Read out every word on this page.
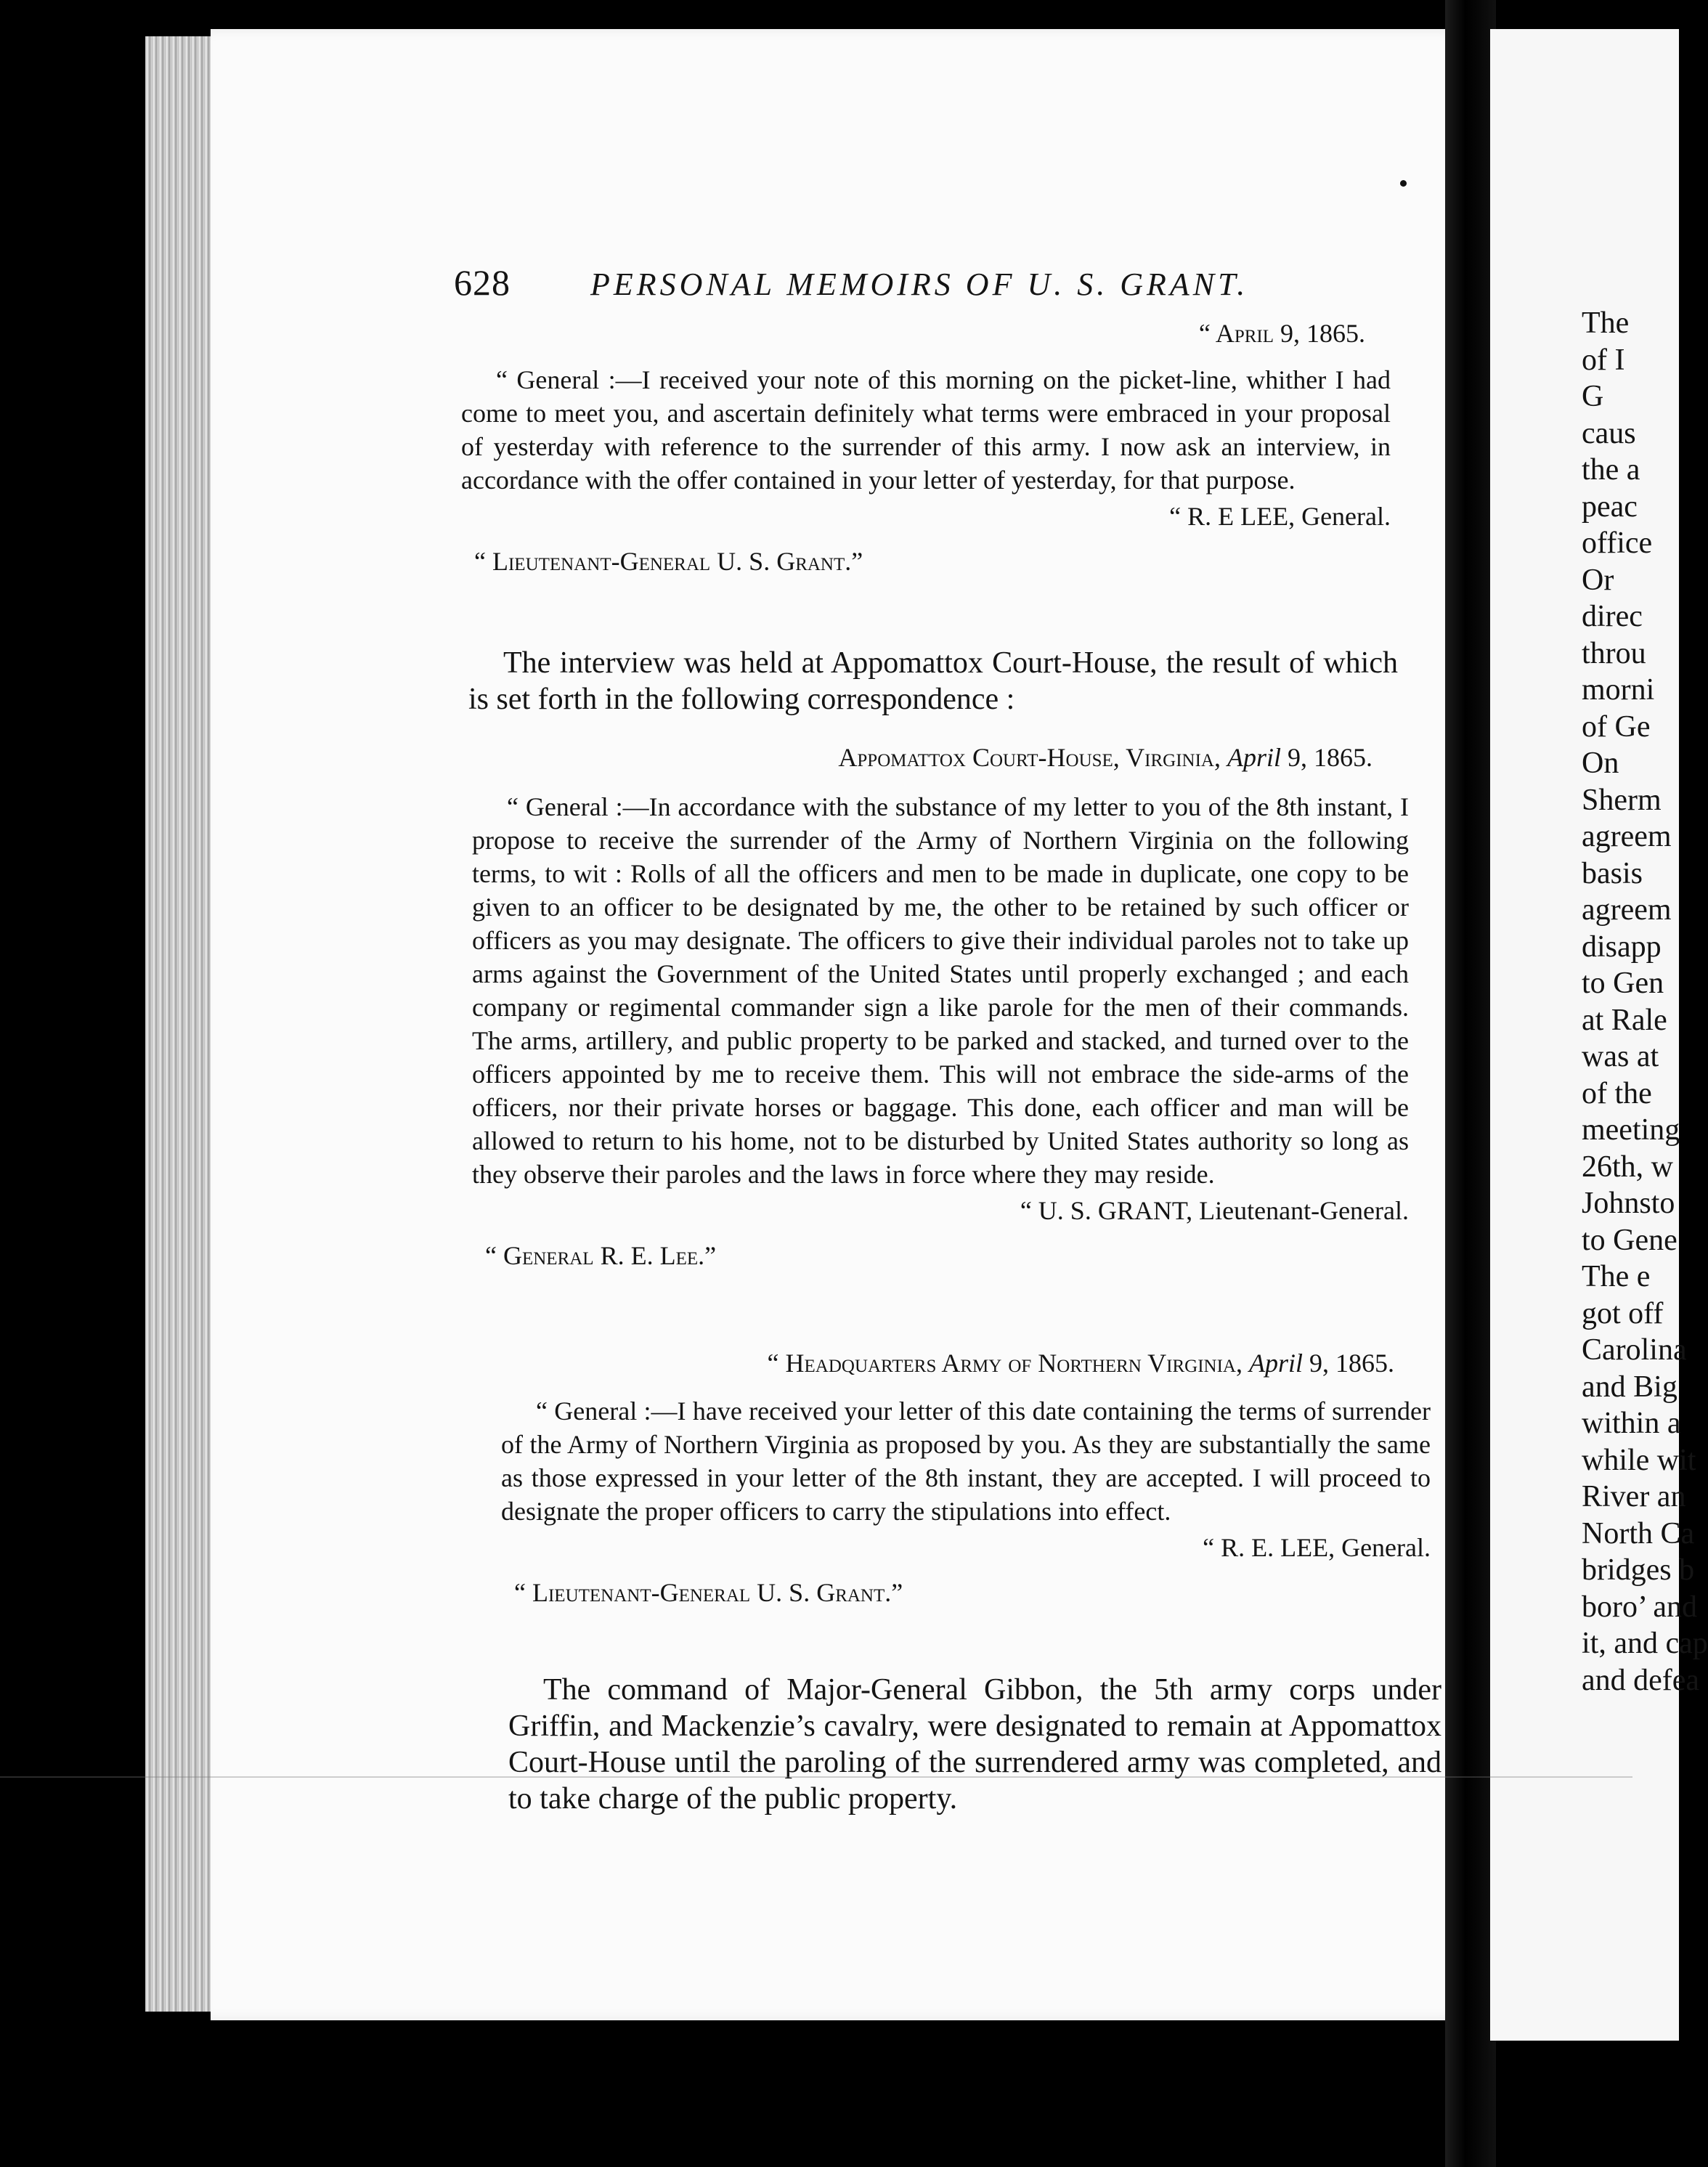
628	PERSONAL MEMOIRS OF U. S. GRANT.
“ April 9, 1865.

“ General :—I received your note of this morning on the picket-line, whither I had come to meet you, and ascertain definitely what terms were embraced in your proposal of yesterday with reference to the surrender of this army. I now ask an interview, in accordance with the offer contained in your letter of yesterday, for that purpose.

“ R. E LEE, General.

“ Lieutenant-General U. S. Grant.”

The interview was held at Appomattox Court-House, the result of which is set forth in the following correspondence :

Appomattox Court-House, Virginia, April 9, 1865.

“ General :—In accordance with the substance of my letter to you of the 8th instant, I propose to receive the surrender of the Army of Northern Virginia on the following terms, to wit : Rolls of all the officers and men to be made in duplicate, one copy to be given to an officer to be designated by me, the other to be retained by such officer or officers as you may designate. The officers to give their individual paroles not to take up arms against the Government of the United States until properly exchanged ; and each company or regimental commander sign a like parole for the men of their commands. The arms, artillery, and public property to be parked and stacked, and turned over to the officers appointed by me to receive them. This will not embrace the side-arms of the officers, nor their private horses or baggage. This done, each officer and man will be allowed to return to his home, not to be disturbed by United States authority so long as they observe their paroles and the laws in force where they may reside.

“ U. S. GRANT, Lieutenant-General.

“ General R. E. Lee.”

“ Headquarters Army of Northern Virginia, April 9, 1865.

“ General :—I have received your letter of this date containing the terms of surrender of the Army of Northern Virginia as proposed by you. As they are substantially the same as those expressed in your letter of the 8th instant, they are accepted. I will proceed to designate the proper officers to carry the stipulations into effect.

“ R. E. LEE, General.

“ Lieutenant-General U. S. Grant.”

The command of Major-General Gibbon, the 5th army corps under Griffin, and Mackenzie’s cavalry, were designated to remain at Appomattox Court-House until the paroling of the surrendered army was completed, and to take charge of the public property.

The
of I
G
caus
the a
peac
office
Or
direc
throu
morni
of Ge
On
Sherm
agreem
basis
agreem
disapp
to Gen
at Rale
was at
of the
meeting
26th, w
Johnsto
to Gene
The e
got off
Carolina
and Big
within a
while wit
River an
North Ca
bridges b
boro’ and
it, and cap
and defea
